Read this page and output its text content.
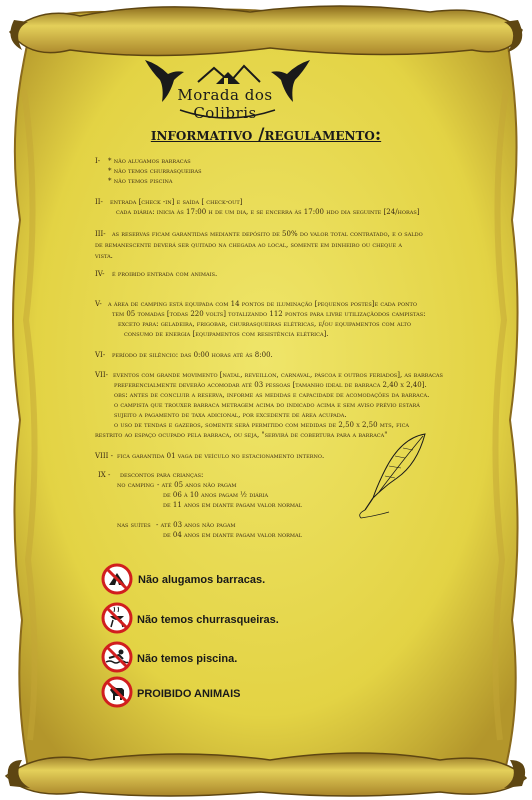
Morada dos Colibris
informativo /regulamento:
I- * não alugamos barracas
* não temos churrasqueiras
* não temos piscina
II- entrada [check -in] e saída [ check-out]
cada diária: inicia às 17:00 h de um dia, e se encerra às 17:00 hdo dia seguinte [24/horas]
III- as reservas ficam garantidas mediante depósito de 50% do valor total contratado, e o saldo
de remanescente deverá ser quitado na chegada ao local, somente em dinheiro ou cheque a
vista.
IV- é proibido entrada com animais.
V- a área de camping está equipada com 14 pontos de iluminação [pequenos postes]e cada ponto
tem 05 tomadas [todas 220 volts] totalizando 112 pontos para livre utilizaçãodos campistas:
exceto para: geladeira, frigobar, churrasqueiras elétricas, e/ou equipamentos com alto
consumo de energia [equipamentos com resistência elétrica].
VI- período de silêncio: das 0:00 horas até às 8:00.
VII- eventos com grande movimento [natal, reveillon, carnaval, páscoa e outros feriados], as barracas
preferencialmente deverão acomodar até 03 pessoas [tamanho ideal de barraca 2,40 x 2,40].
obs: antes de concluir a reserva, informe as medidas e capacidade de acomodações da barraca.
o campista que trouxer barraca metragem acima do indicado acima e sem aviso prévio estará
sujeito a pagamento de taxa adicional, por excedente de área acupada.
o uso de tendas e gazebos, somente será permitido com medidas de 2,50 x 2,50 mts, fica
restrito ao espaço ocupado pela barraca, ou seja, "servirá de cobertura para a barraca"
VIII - fica garantida 01 vaga de veículo no estacionamento interno.
IX - descontos para crianças:
no camping - até 05 anos não pagam
de 06 à 10 anos pagam ½ diária
de 11 anos em diante pagam valor normal
nas suítes - até 03 anos não pagam
de 04 anos em diante pagam valor normal
Não alugamos barracas.
Não temos churrasqueiras.
Não temos piscina.
PROIBIDO ANIMAIS
